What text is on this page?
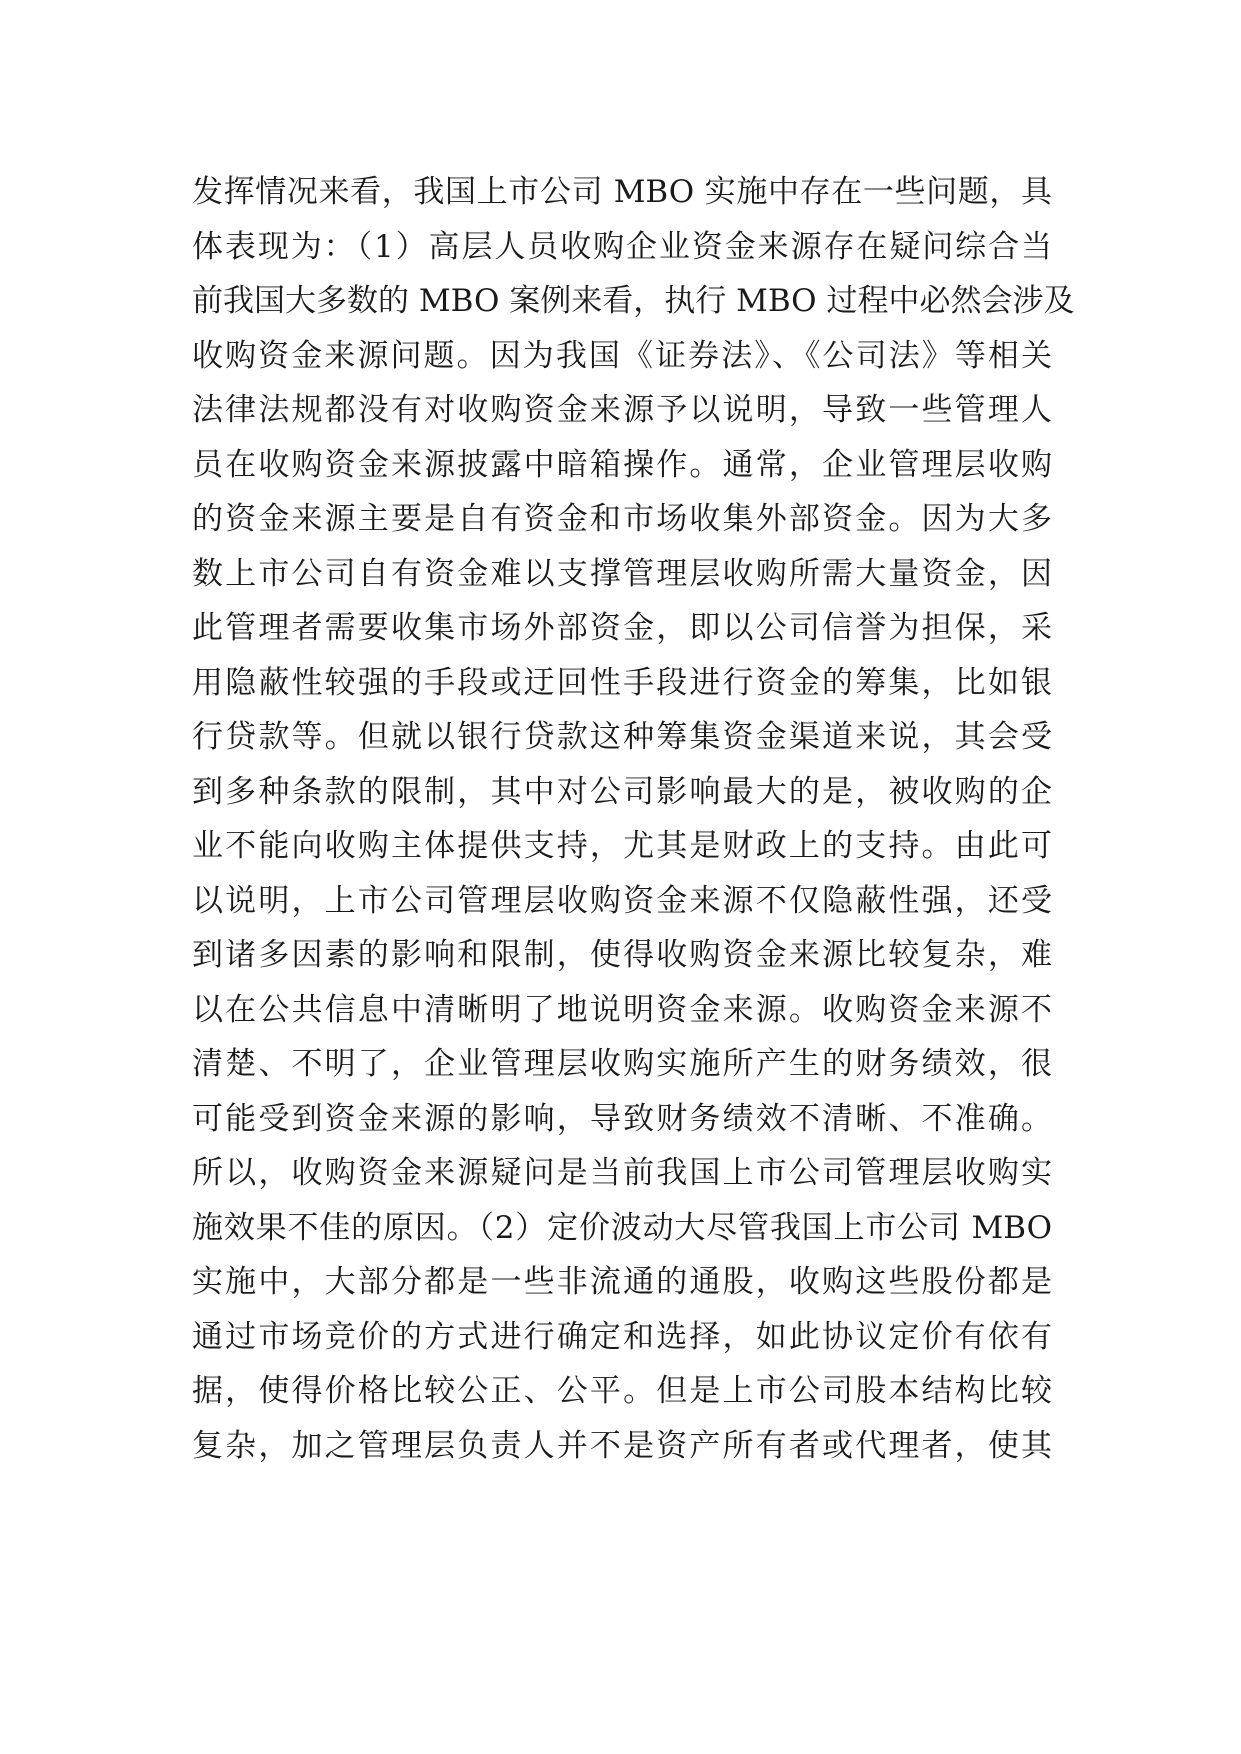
发挥情况来看，我国上市公司 MBO 实施中存在一些问题，具
体表现为：（1）高层人员收购企业资金来源存在疑问综合当
前我国大多数的 MBO 案例来看，执行 MBO 过程中必然会涉及
收购资金来源问题。因为我国《证券法》、《公司法》等相关
法律法规都没有对收购资金来源予以说明，导致一些管理人
员在收购资金来源披露中暗箱操作。通常，企业管理层收购
的资金来源主要是自有资金和市场收集外部资金。因为大多
数上市公司自有资金难以支撑管理层收购所需大量资金，因
此管理者需要收集市场外部资金，即以公司信誉为担保，采
用隐蔽性较强的手段或迂回性手段进行资金的筹集，比如银
行贷款等。但就以银行贷款这种筹集资金渠道来说，其会受
到多种条款的限制，其中对公司影响最大的是，被收购的企
业不能向收购主体提供支持，尤其是财政上的支持。由此可
以说明，上市公司管理层收购资金来源不仅隐蔽性强，还受
到诸多因素的影响和限制，使得收购资金来源比较复杂，难
以在公共信息中清晰明了地说明资金来源。收购资金来源不
清楚、不明了，企业管理层收购实施所产生的财务绩效，很
可能受到资金来源的影响，导致财务绩效不清晰、不准确。
所以，收购资金来源疑问是当前我国上市公司管理层收购实
施效果不佳的原因。（2）定价波动大尽管我国上市公司 MBO
实施中，大部分都是一些非流通的通股，收购这些股份都是
通过市场竞价的方式进行确定和选择，如此协议定价有依有
据，使得价格比较公正、公平。但是上市公司股本结构比较
复杂，加之管理层负责人并不是资产所有者或代理者，使其
